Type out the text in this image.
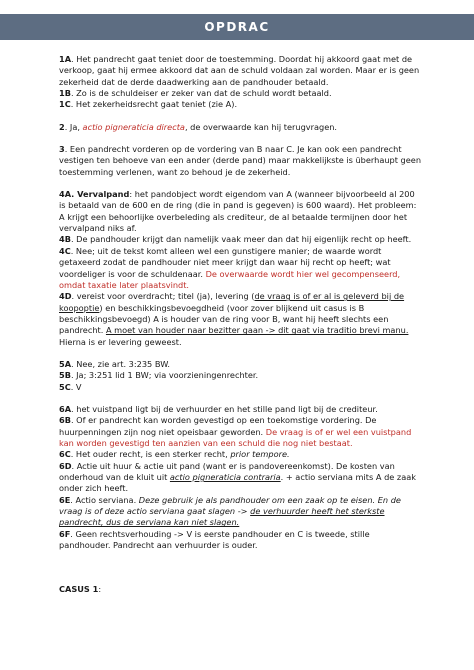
OPDRAC

1A. Het pandrecht gaat teniet door de toestemming. Doordat hij akkoord gaat met de verkoop, gaat hij ermee akkoord dat aan de schuld voldaan zal worden. Maar er is geen zekerheid dat de derde daadwerking aan de pandhouder betaald.

1B. Zo is de schuldeiser er zeker van dat de schuld wordt betaald.

1C. Het zekerheidsrecht gaat teniet (zie A).

2. Ja, actio pigneraticia directa, de overwaarde kan hij terugvragen.

3. Een pandrecht vorderen op de vordering van B naar C. Je kan ook een pandrecht vestigen ten behoeve van een ander (derde pand) maar makkelijkste is überhaupt geen toestemming verlenen, want zo behoud je de zekerheid.

4A. Vervalpand: het pandobject wordt eigendom van A (wanneer bijvoorbeeld al 200 is betaald van de 600 en de ring (die in pand is gegeven) is 600 waard). Het probleem: A krijgt een behoorlijke overbeleding als crediteur, de al betaalde termijnen door het vervalpand niks af.

4B. De pandhouder krijgt dan namelijk vaak meer dan dat hij eigenlijk recht op heeft.

4C. Nee; uit de tekst komt alleen wel een gunstigere manier; de waarde wordt getaxeerd zodat de pandhouder niet meer krijgt dan waar hij recht op heeft; wat voordeliger is voor de schuldenaar. De overwaarde wordt hier wel gecompenseerd, omdat taxatie later plaatsvindt.

4D. vereist voor overdracht; titel (ja), levering (de vraag is of er al is geleverd bij de koopoptie) en beschikkingsbevoegdheid (voor zover blijkend uit casus is B beschikkingsbevoegd) A is houder van de ring voor B, want hij heeft slechts een pandrecht. A moet van houder naar bezitter gaan -> dit gaat via traditio brevi manu. Hierna is er levering geweest.

5A. Nee, zie art. 3:235 BW.

5B. Ja; 3:251 lid 1 BW; via voorzieningenrechter.

5C. V

6A. het vuistpand ligt bij de verhuurder en het stille pand ligt bij de crediteur.

6B. Of er pandrecht kan worden gevestigd op een toekomstige vordering. De huurpenningen zijn nog niet opeisbaar geworden. De vraag is of er wel een vuistpand kan worden gevestigd ten aanzien van een schuld die nog niet bestaat.

6C. Het ouder recht, is een sterker recht, prior tempore.

6D. Actie uit huur & actie uit pand (want er is pandovereenkomst). De kosten van onderhoud van de kluit uit actio pigneraticia contraria. + actio serviana mits A de zaak onder zich heeft.

6E. Actio serviana. Deze gebruik je als pandhouder om een zaak op te eisen. En de vraag is of deze actio serviana gaat slagen -> de verhuurder heeft het sterkste pandrecht, dus de serviana kan niet slagen.

6F. Geen rechtsverhouding -> V is eerste pandhouder en C is tweede, stille pandhouder. Pandrecht aan verhuurder is ouder.

CASUS 1:
